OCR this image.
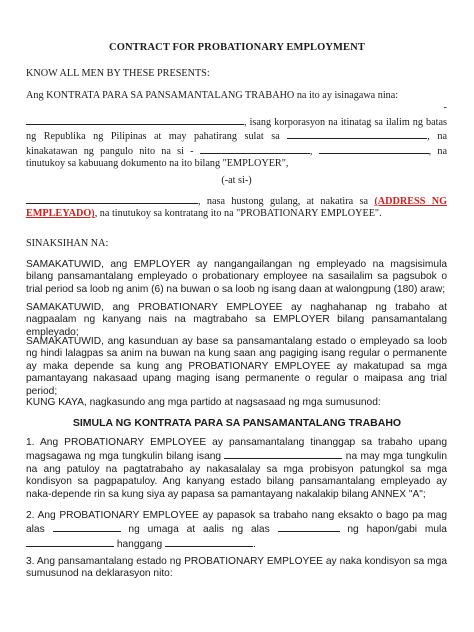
CONTRACT FOR PROBATIONARY EMPLOYMENT
KNOW ALL MEN BY THESE PRESENTS:
Ang KONTRATA PARA SA PANSAMANTALANG TRABAHO na ito ay isinagawa nina:
-
, isang korporasyon na itinatag sa ilalim ng batas ng Republika ng Pilipinas at may pahatirang sulat sa	, na kinakatawan ng pangulo nito na si -	,	, na tinutukoy sa kabuuang dokumento na ito bilang "EMPLOYER",
(-at si-)
, nasa hustong gulang, at nakatira sa (ADDRESS NG EMPLEYADO), na tinutukoy sa kontratang ito na "PROBATIONARY EMPLOYEE".
SINAKSIHAN NA:
SAMAKATUWID, ang EMPLOYER ay nangangailangan ng empleyado na magsisimula bilang pansamantalang empleyado o probationary employee na sasailalim sa pagsubok o trial period sa loob ng anim (6) na buwan o sa loob ng isang daan at walongpung (180) araw;
SAMAKATUWID, ang PROBATIONARY EMPLOYEE ay naghahanap ng trabaho at nagpaalam ng kanyang nais na magtrabaho sa EMPLOYER bilang pansamantalang empleyado;
SAMAKATUWID, ang kasunduan ay base sa pansamantalang estado o empleyado sa loob ng hindi lalagpas sa anim na buwan na kung saan ang pagiging isang regular o permanente ay maka depende sa kung ang PROBATIONARY EMPLOYEE ay makatupad sa mga pamantayang nakasaad upang maging isang permanente o regular o maipasa ang trial period;
KUNG KAYA, nagkasundo ang mga partido at nagsasaad ng mga sumusunod:
SIMULA NG KONTRATA PARA SA PANSAMANTALANG TRABAHO
1. Ang PROBATIONARY EMPLOYEE ay pansamantalang tinanggap sa trabaho upang magsagawa ng mga tungkulin bilang isang	na may mga tungkulin na ang patuloy na pagtatrabaho ay nakasalalay sa mga probisyon patungkol sa mga kondisyon sa pagpapatuloy. Ang kanyang estado bilang pansamantalang empleyado ay naka-depende rin sa kung siya ay papasa sa pamantayang nakalakip bilang ANNEX "A";
2. Ang PROBATIONARY EMPLOYEE ay papasok sa trabaho nang eksakto o bago pa mag alas	ng umaga at aalis ng alas	ng hapon/gabi mula  hanggang	.
3. Ang pansamantalang estado ng PROBATIONARY EMPLOYEE ay naka kondisyon sa mga sumusunod na deklarasyon nito:
